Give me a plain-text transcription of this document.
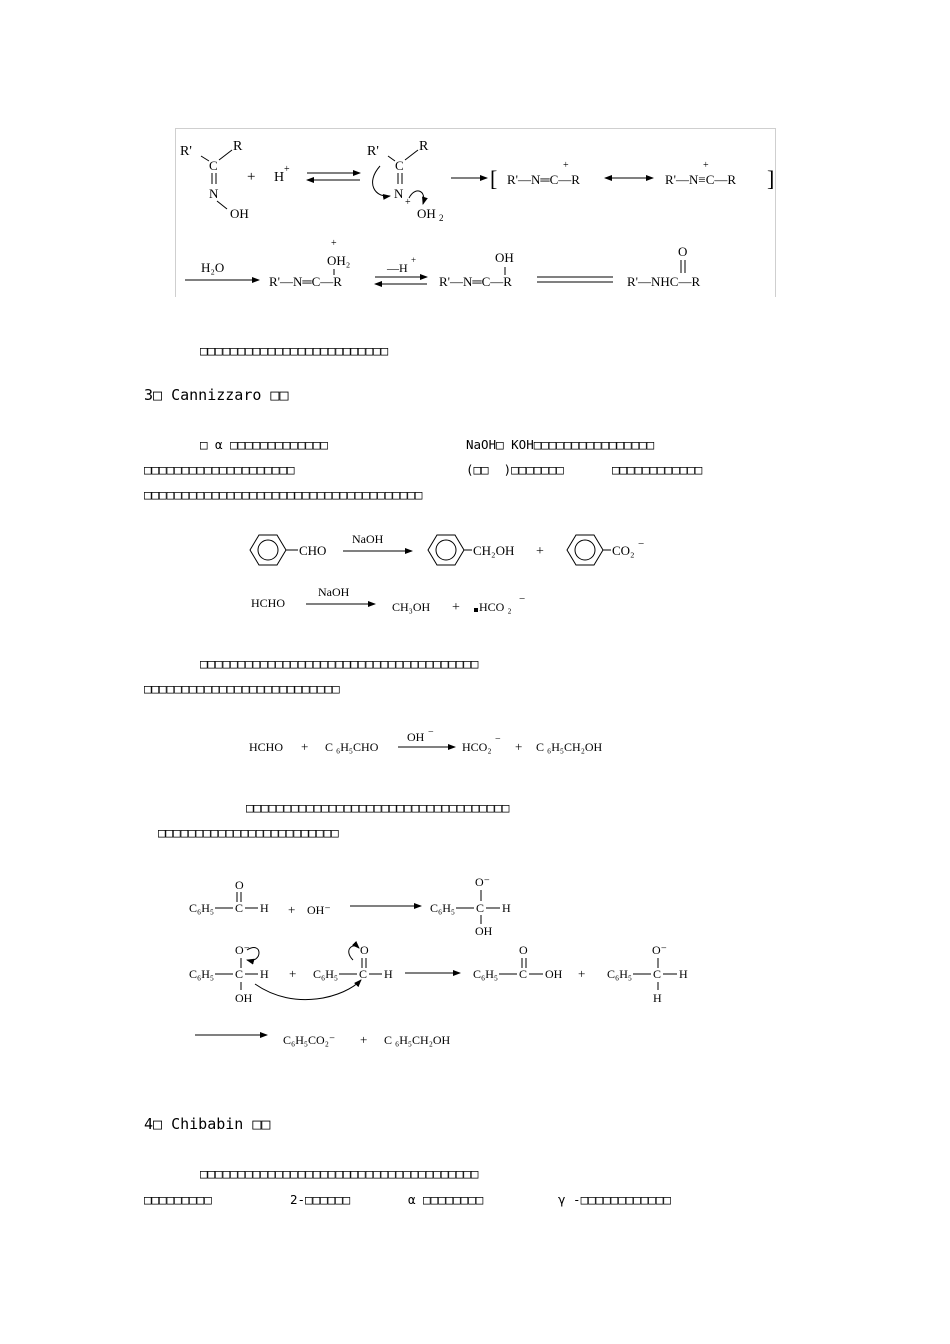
R'	R
C
N
OH
+ H
+
R'	R
C
N
+
OH 2
[ R'—N═C—R
+
R'—N≡C—R
+
]
H₂O	OH₂
+
R'—N═C—R
—H
+	OH
R'—N═C—R
O
R'—NHC—R
□□□□□□□□□□□□□□□□□□□□□□□□□
3□ Cannizzaro □□
□ α □□□□□□□□□□□□□	NaOH□ KOH□□□□□□□□□□□□□□□□
□□□□□□□□□□□□□□□□□□□□	(□□  )□□□□□□□	□□□□□□□□□□□□
□□□□□□□□□□□□□□□□□□□□□□□□□□□□□□□□□□□□□
CHO
NaOH
CH₂OH +	CO₂ −
HCHO
NaOH
CH₃OH + HCO ₂
−
□□□□□□□□□□□□□□□□□□□□□□□□□□□□□□□□□□□□□
□□□□□□□□□□□□□□□□□□□□□□□□□□
HCHO + C ₆H₅CHO
OH −
HCO₂
− + C ₆H₅CH₂OH
□□□□□□□□□□□□□□□□□□□□□□□□□□□□□□□□□□□
□□□□□□□□□□□□□□□□□□□□□□□□
O
C₆H₅ C H + OH⁻
O⁻
C₆H₅ C H
OH
O⁻
C₆H₅ C H
OH
+
O
C₆H₅ C H
O
C₆H₅ C OH +
O⁻
C₆H₅ C H
H
C₆H₅CO₂⁻ + C ₆H₅CH₂OH
4□ Chibabin □□
□□□□□□□□□□□□□□□□□□□□□□□□□□□□□□□□□□□□□
□□□□□□□□□	2-□□□□□□	α □□□□□□□□	γ -□□□□□□□□□□□□
